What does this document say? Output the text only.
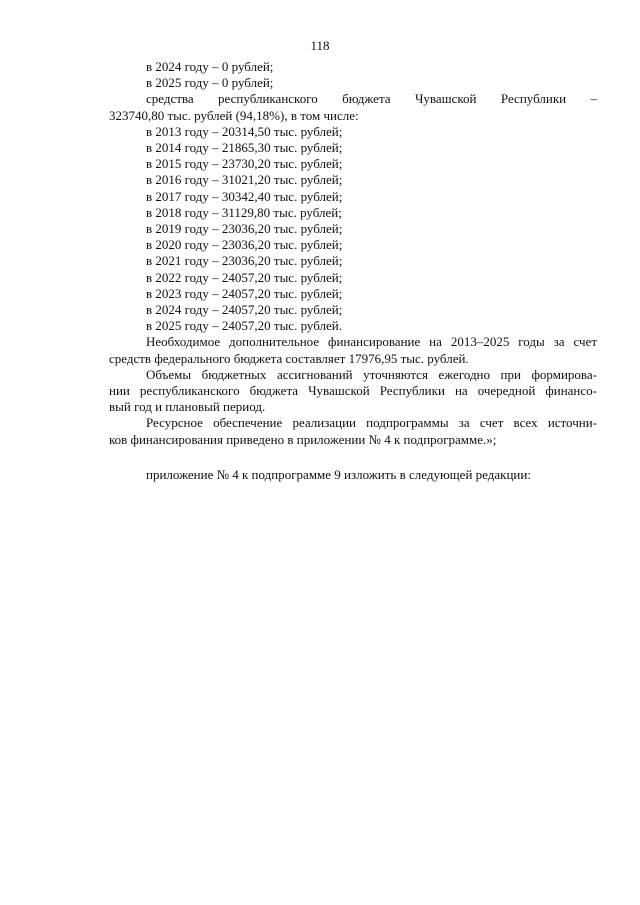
118
в 2024 году – 0 рублей;
в 2025 году – 0 рублей;
средства республиканского бюджета Чувашской Республики –
323740,80 тыс. рублей (94,18%), в том числе:
в 2013 году – 20314,50 тыс. рублей;
в 2014 году – 21865,30 тыс. рублей;
в 2015 году – 23730,20 тыс. рублей;
в 2016 году – 31021,20 тыс. рублей;
в 2017 году – 30342,40 тыс. рублей;
в 2018 году – 31129,80 тыс. рублей;
в 2019 году – 23036,20 тыс. рублей;
в 2020 году – 23036,20 тыс. рублей;
в 2021 году – 23036,20 тыс. рублей;
в 2022 году – 24057,20 тыс. рублей;
в 2023 году – 24057,20 тыс. рублей;
в 2024 году – 24057,20 тыс. рублей;
в 2025 году – 24057,20 тыс. рублей.
Необходимое дополнительное финансирование на 2013–2025 годы за счет
средств федерального бюджета составляет 17976,95 тыс. рублей.
Объемы бюджетных ассигнований уточняются ежегодно при формирова-
нии республиканского бюджета Чувашской Республики на очередной финансо-
вый год и плановый период.
Ресурсное обеспечение реализации подпрограммы за счет всех источни-
ков финансирования приведено в приложении № 4 к подпрограмме.»;
приложение № 4 к подпрограмме 9 изложить в следующей редакции:
